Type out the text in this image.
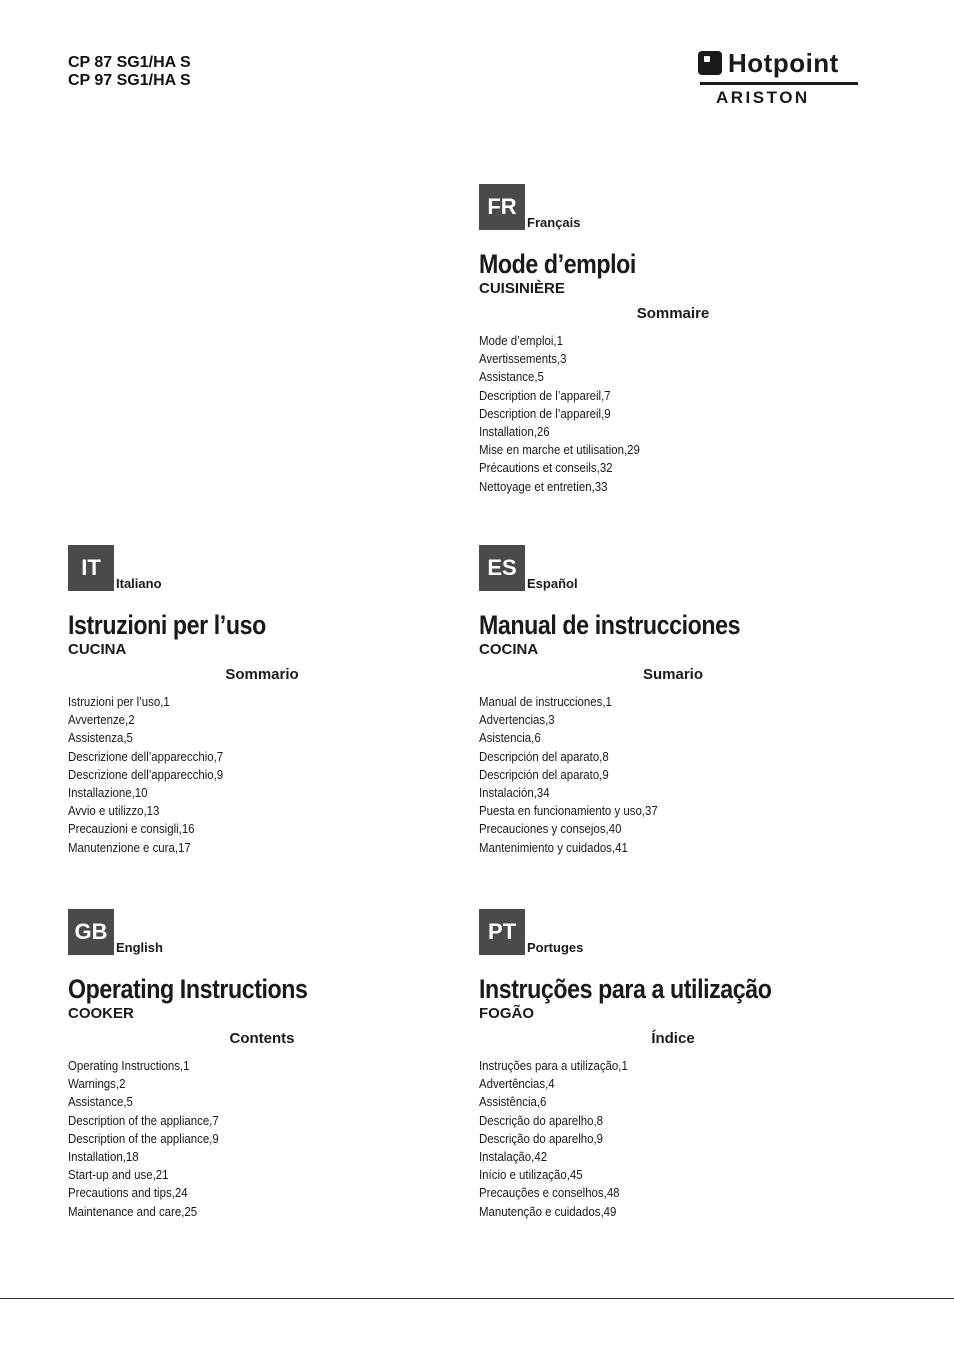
CP 87 SG1/HA S
CP 97 SG1/HA S
Hotpoint
ARISTON
FR
Français
Mode d’emploi
CUISINIÈRE
Sommaire
Mode d’emploi,1
Avertissements,3
Assistance,5
Description de l’appareil,7
Description de l’appareil,9
Installation,26
Mise en marche et utilisation,29
Précautions et conseils,32
Nettoyage et entretien,33
IT
Italiano
Istruzioni per l’uso
CUCINA
Sommario
Istruzioni per l’uso,1
Avvertenze,2
Assistenza,5
Descrizione dell’apparecchio,7
Descrizione dell’apparecchio,9
Installazione,10
Avvio e utilizzo,13
Precauzioni e consigli,16
Manutenzione e cura,17
ES
Español
Manual de instrucciones
COCINA
Sumario
Manual de instrucciones,1
Advertencias,3
Asistencia,6
Descripción del aparato,8
Descripción del aparato,9
Instalación,34
Puesta en funcionamiento y uso,37
Precauciones y consejos,40
Mantenimiento y cuidados,41
GB
English
Operating Instructions
COOKER
Contents
Operating Instructions,1
Warnings,2
Assistance,5
Description of the appliance,7
Description of the appliance,9
Installation,18
Start-up and use,21
Precautions and tips,24
Maintenance and care,25
PT
Portuges
Instruções para a utilização
FOGÃO
Índice
Instruções para a utilização,1
Advertências,4
Assistência,6
Descrição do aparelho,8
Descrição do aparelho,9
Instalação,42
Início e utilização,45
Precauções e conselhos,48
Manutenção e cuidados,49
